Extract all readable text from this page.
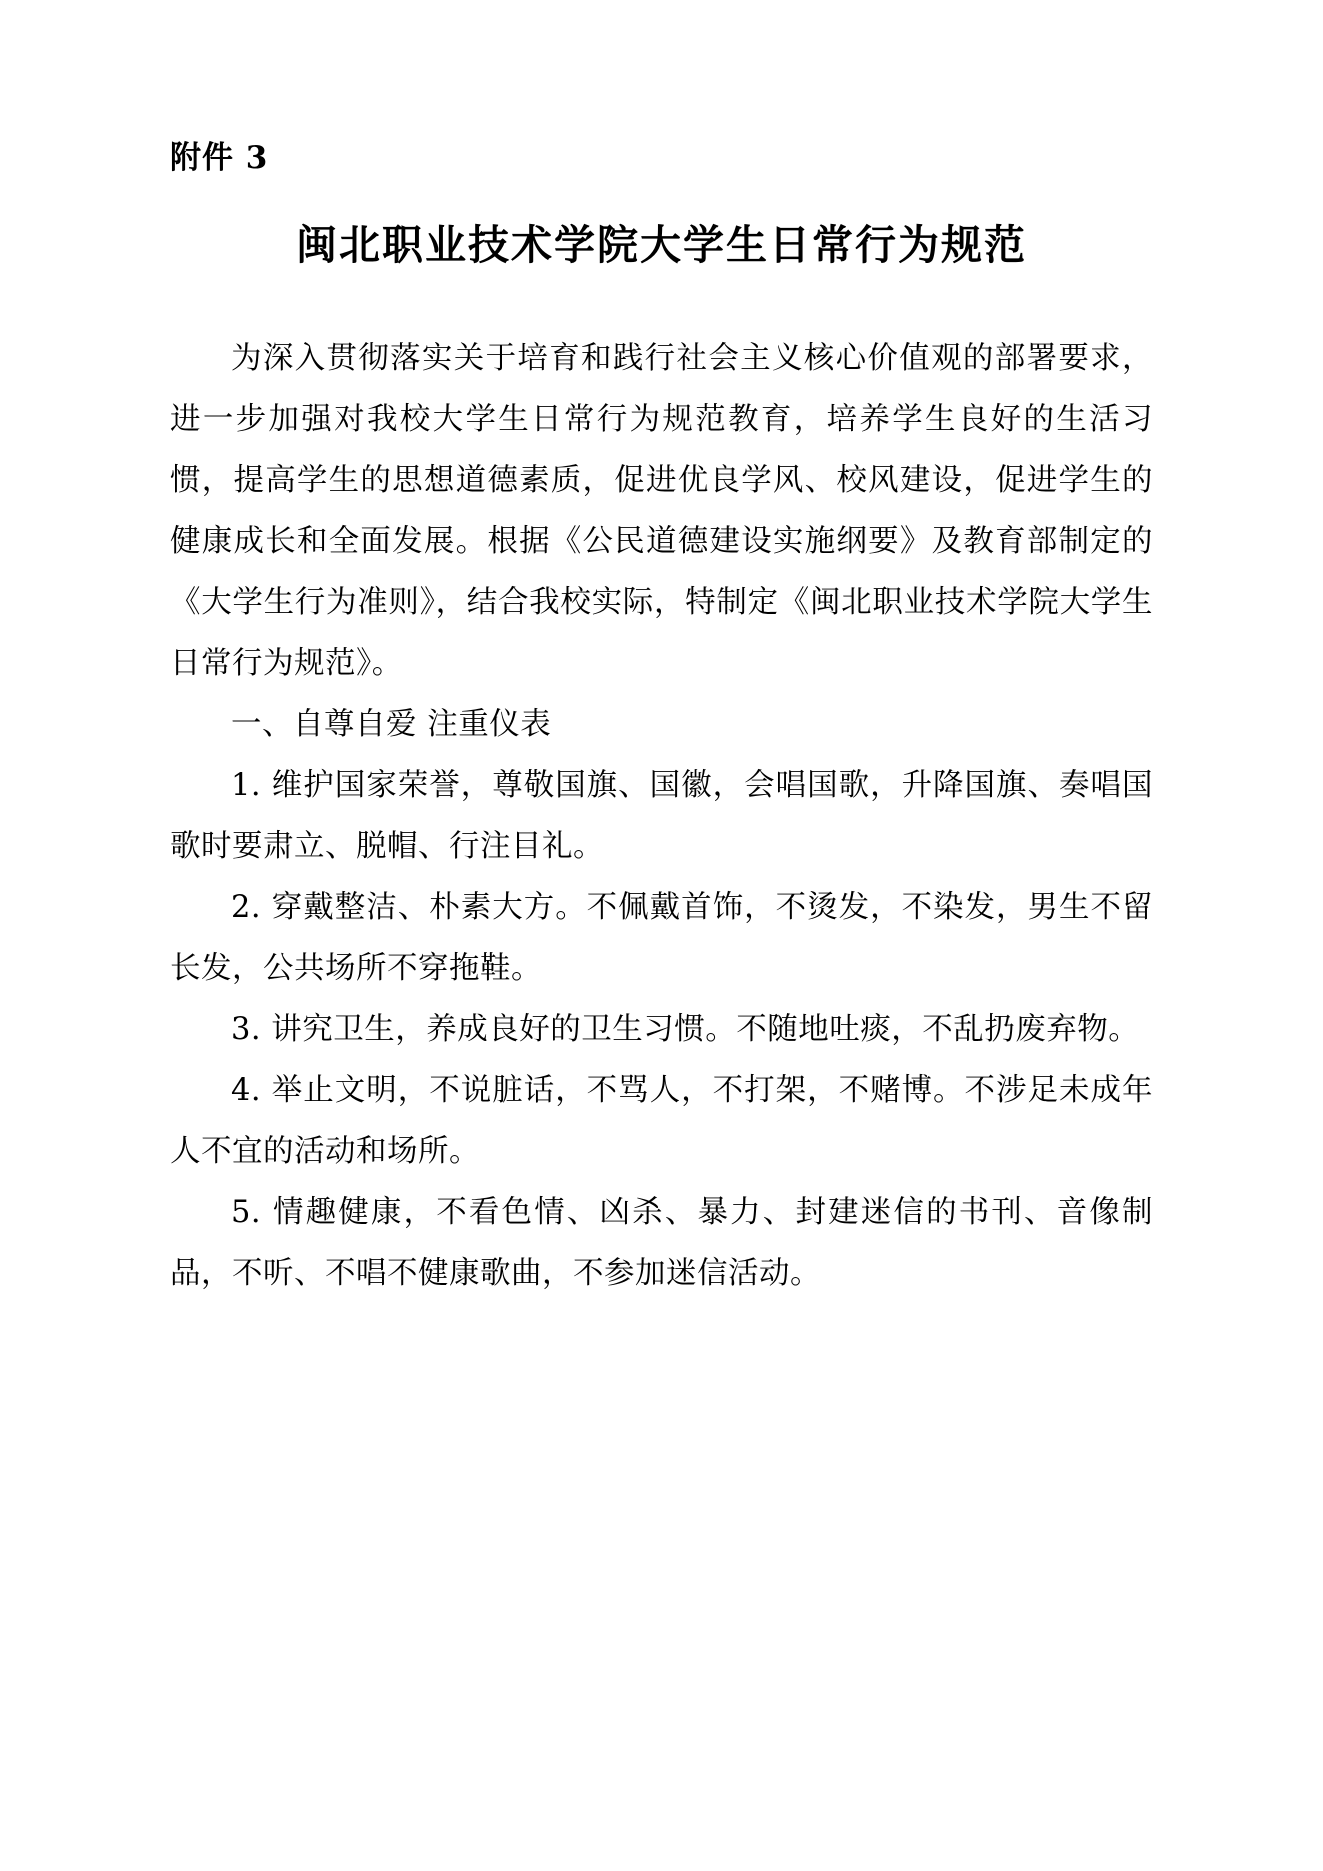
附件 3
闽北职业技术学院大学生日常行为规范

为深入贯彻落实关于培育和践行社会主义核心价值观的部署要求，进一步加强对我校大学生日常行为规范教育，培养学生良好的生活习惯，提高学生的思想道德素质，促进优良学风、校风建设，促进学生的健康成长和全面发展。根据《公民道德建设实施纲要》及教育部制定的《大学生行为准则》，结合我校实际，特制定《闽北职业技术学院大学生日常行为规范》。

一、自尊自爱 注重仪表

1. 维护国家荣誉，尊敬国旗、国徽，会唱国歌，升降国旗、奏唱国歌时要肃立、脱帽、行注目礼。

2. 穿戴整洁、朴素大方。不佩戴首饰，不烫发，不染发，男生不留长发，公共场所不穿拖鞋。

3. 讲究卫生，养成良好的卫生习惯。不随地吐痰，不乱扔废弃物。

4. 举止文明，不说脏话，不骂人，不打架，不赌博。不涉足未成年人不宜的活动和场所。

5. 情趣健康，不看色情、凶杀、暴力、封建迷信的书刊、音像制品，不听、不唱不健康歌曲，不参加迷信活动。
